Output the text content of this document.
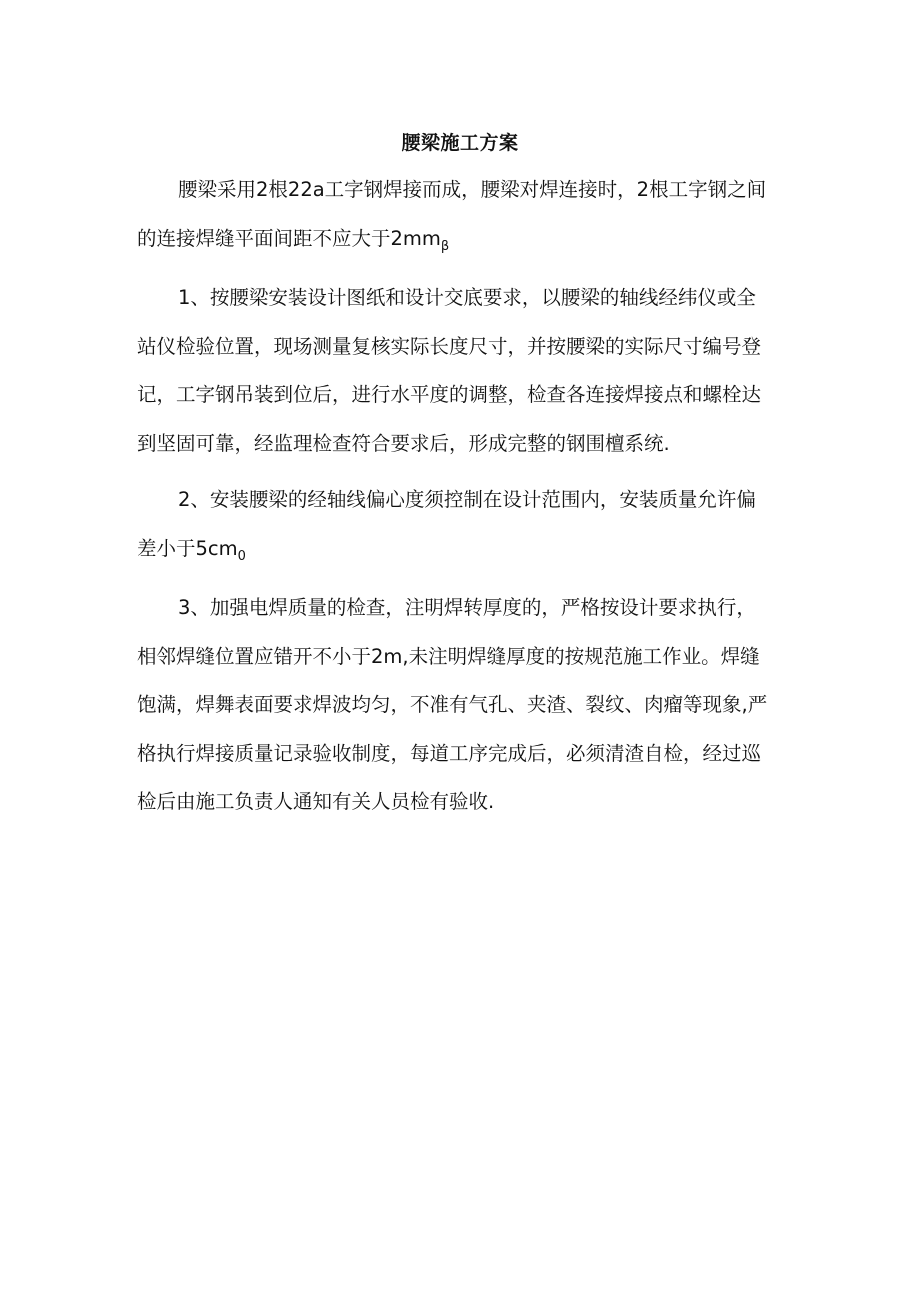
腰梁施工方案
腰梁采用2根22a工字钢焊接而成，腰梁对焊连接时，2根工字钢之间
的连接焊缝平面间距不应大于$2mm_\beta$
1、按腰梁安装设计图纸和设计交底要求，以腰梁的轴线经纬仪或全
站仪检验位置，现场测量复核实际长度尺寸，并按腰梁的实际尺寸编号登
记，工字钢吊装到位后，进行水平度的调整，检查各连接焊接点和螺栓达
到坚固可靠，经监理检查符合要求后，形成完整的钢围檀系统.
2、安装腰梁的经轴线偏心度须控制在设计范围内，安装质量允许偏
差小于$5cm_0$
3、加强电焊质量的检查，注明焊转厚度的，严格按设计要求执行，
相邻焊缝位置应错开不小于2m,未注明焊缝厚度的按规范施工作业。焊缝
饱满，焊舞表面要求焊波均匀，不准有气孔、夹渣、裂纹、肉瘤等现象,严
格执行焊接质量记录验收制度，每道工序完成后，必须清渣自检，经过巡
检后由施工负责人通知有关人员检有验收.
